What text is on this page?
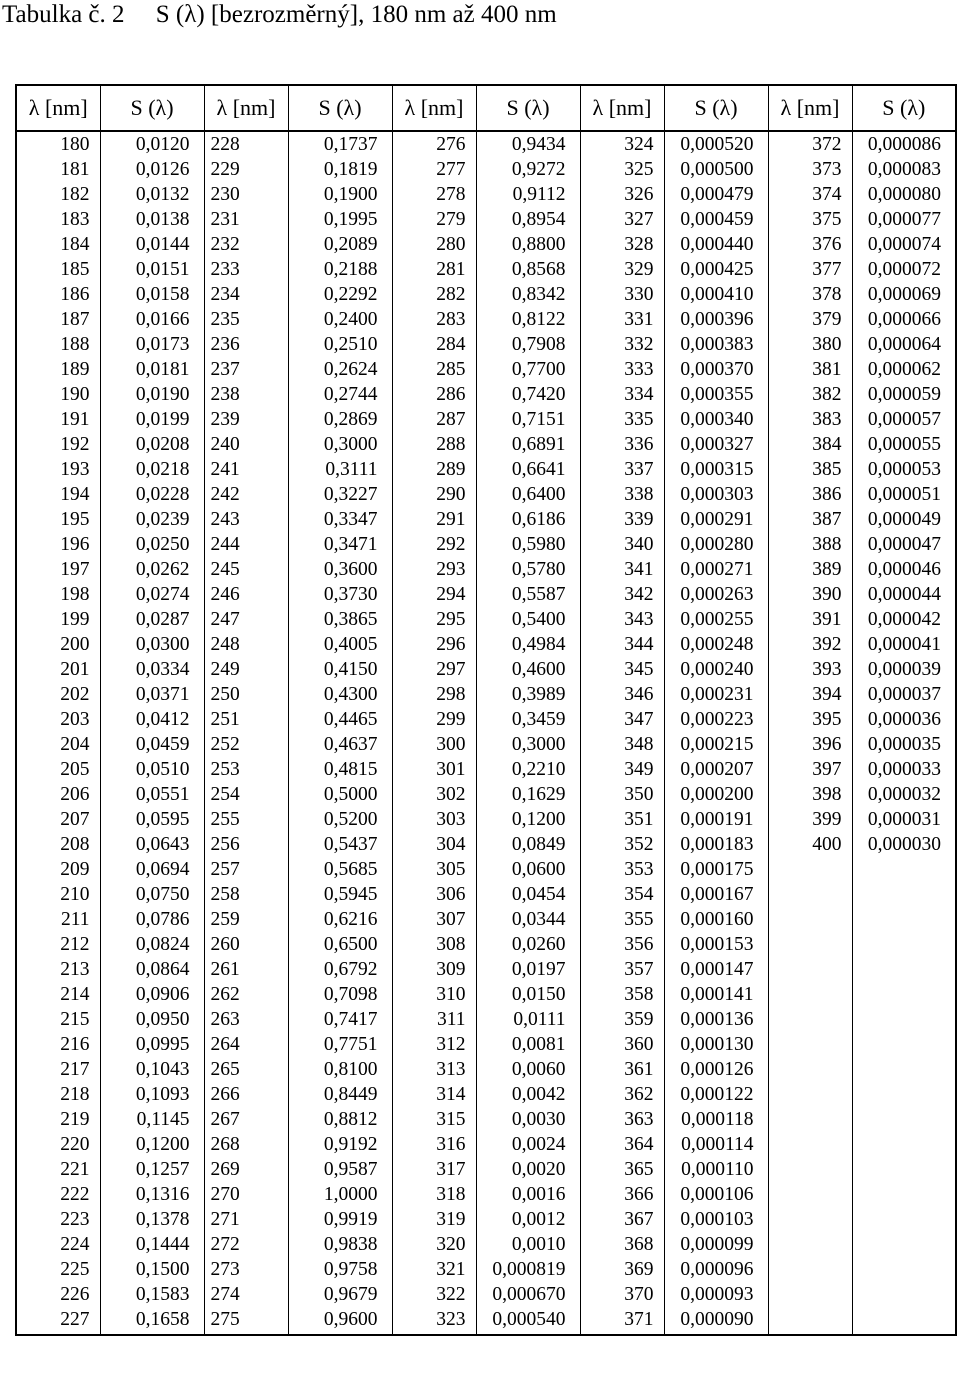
Tabulka č. 2     S (λ) [bezrozměrný], 180 nm až 400 nm
λ [nm]	S (λ)	λ [nm]	S (λ)	λ [nm]	S (λ)	λ [nm]	S (λ)	λ [nm]	S (λ)
180	0,0120	228	0,1737	276	0,9434	324	0,000520	372	0,000086
181	0,0126	229	0,1819	277	0,9272	325	0,000500	373	0,000083
182	0,0132	230	0,1900	278	0,9112	326	0,000479	374	0,000080
183	0,0138	231	0,1995	279	0,8954	327	0,000459	375	0,000077
184	0,0144	232	0,2089	280	0,8800	328	0,000440	376	0,000074
185	0,0151	233	0,2188	281	0,8568	329	0,000425	377	0,000072
186	0,0158	234	0,2292	282	0,8342	330	0,000410	378	0,000069
187	0,0166	235	0,2400	283	0,8122	331	0,000396	379	0,000066
188	0,0173	236	0,2510	284	0,7908	332	0,000383	380	0,000064
189	0,0181	237	0,2624	285	0,7700	333	0,000370	381	0,000062
190	0,0190	238	0,2744	286	0,7420	334	0,000355	382	0,000059
191	0,0199	239	0,2869	287	0,7151	335	0,000340	383	0,000057
192	0,0208	240	0,3000	288	0,6891	336	0,000327	384	0,000055
193	0,0218	241	0,3111	289	0,6641	337	0,000315	385	0,000053
194	0,0228	242	0,3227	290	0,6400	338	0,000303	386	0,000051
195	0,0239	243	0,3347	291	0,6186	339	0,000291	387	0,000049
196	0,0250	244	0,3471	292	0,5980	340	0,000280	388	0,000047
197	0,0262	245	0,3600	293	0,5780	341	0,000271	389	0,000046
198	0,0274	246	0,3730	294	0,5587	342	0,000263	390	0,000044
199	0,0287	247	0,3865	295	0,5400	343	0,000255	391	0,000042
200	0,0300	248	0,4005	296	0,4984	344	0,000248	392	0,000041
201	0,0334	249	0,4150	297	0,4600	345	0,000240	393	0,000039
202	0,0371	250	0,4300	298	0,3989	346	0,000231	394	0,000037
203	0,0412	251	0,4465	299	0,3459	347	0,000223	395	0,000036
204	0,0459	252	0,4637	300	0,3000	348	0,000215	396	0,000035
205	0,0510	253	0,4815	301	0,2210	349	0,000207	397	0,000033
206	0,0551	254	0,5000	302	0,1629	350	0,000200	398	0,000032
207	0,0595	255	0,5200	303	0,1200	351	0,000191	399	0,000031
208	0,0643	256	0,5437	304	0,0849	352	0,000183	400	0,000030
209	0,0694	257	0,5685	305	0,0600	353	0,000175		
210	0,0750	258	0,5945	306	0,0454	354	0,000167		
211	0,0786	259	0,6216	307	0,0344	355	0,000160		
212	0,0824	260	0,6500	308	0,0260	356	0,000153		
213	0,0864	261	0,6792	309	0,0197	357	0,000147		
214	0,0906	262	0,7098	310	0,0150	358	0,000141		
215	0,0950	263	0,7417	311	0,0111	359	0,000136		
216	0,0995	264	0,7751	312	0,0081	360	0,000130		
217	0,1043	265	0,8100	313	0,0060	361	0,000126		
218	0,1093	266	0,8449	314	0,0042	362	0,000122		
219	0,1145	267	0,8812	315	0,0030	363	0,000118		
220	0,1200	268	0,9192	316	0,0024	364	0,000114		
221	0,1257	269	0,9587	317	0,0020	365	0,000110		
222	0,1316	270	1,0000	318	0,0016	366	0,000106		
223	0,1378	271	0,9919	319	0,0012	367	0,000103		
224	0,1444	272	0,9838	320	0,0010	368	0,000099		
225	0,1500	273	0,9758	321	0,000819	369	0,000096		
226	0,1583	274	0,9679	322	0,000670	370	0,000093		
227	0,1658	275	0,9600	323	0,000540	371	0,000090		
